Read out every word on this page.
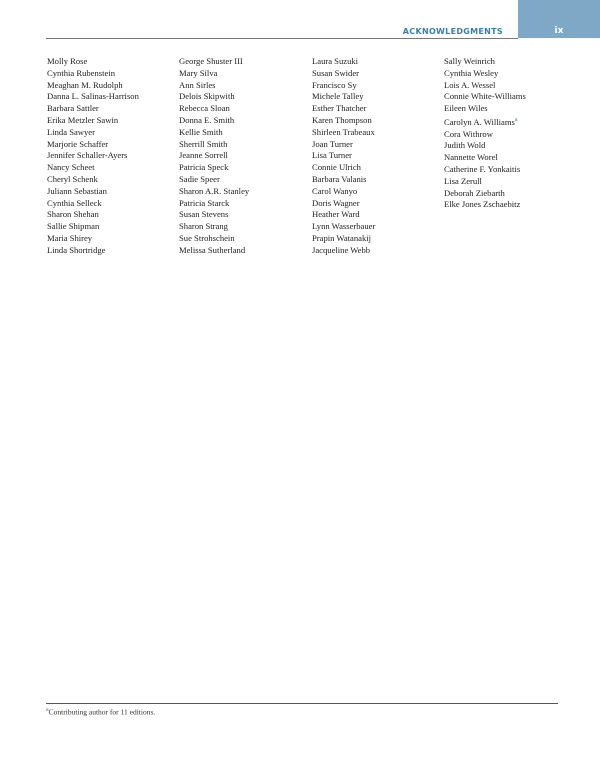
ix
ACKNOWLEDGMENTS
Molly Rose
Cynthia Rubenstein
Meaghan M. Rudolph
Danna L. Salinas-Harrison
Barbara Sattler
Erika Metzler Sawin
Linda Sawyer
Marjorie Schaffer
Jennifer Schaller-Ayers
Nancy Scheet
Cheryl Schenk
Juliann Sebastian
Cynthia Selleck
Sharon Shehan
Sallie Shipman
Maria Shirey
Linda Shortridge
George Shuster III
Mary Silva
Ann Sirles
Delois Skipwith
Rebecca Sloan
Donna E. Smith
Kellie Smith
Sherrill Smith
Jeanne Sorrell
Patricia Speck
Sadie Speer
Sharon A.R. Stanley
Patricia Starck
Susan Stevens
Sharon Strang
Sue Strohschein
Melissa Sutherland
Laura Suzuki
Susan Swider
Francisco Sy
Michele Talley
Esther Thatcher
Karen Thompson
Shirleen Trabeaux
Joan Turner
Lisa Turner
Connie Ulrich
Barbara Valanis
Carol Wanyo
Doris Wagner
Heather Ward
Lynn Wasserbauer
Prapin Watanakij
Jacqueline Webb
Sally Weinrich
Cynthia Wesley
Lois A. Wessel
Connie White-Williams
Eileen Wiles
Carolyn A. Williams$^a$
Cora Withrow
Judith Wold
Nannette Worel
Catherine F. Yonkaitis
Lisa Zerull
Deborah Ziebarth
Elke Jones Zschaebitz
$^a$Contributing author for 11 editions.
